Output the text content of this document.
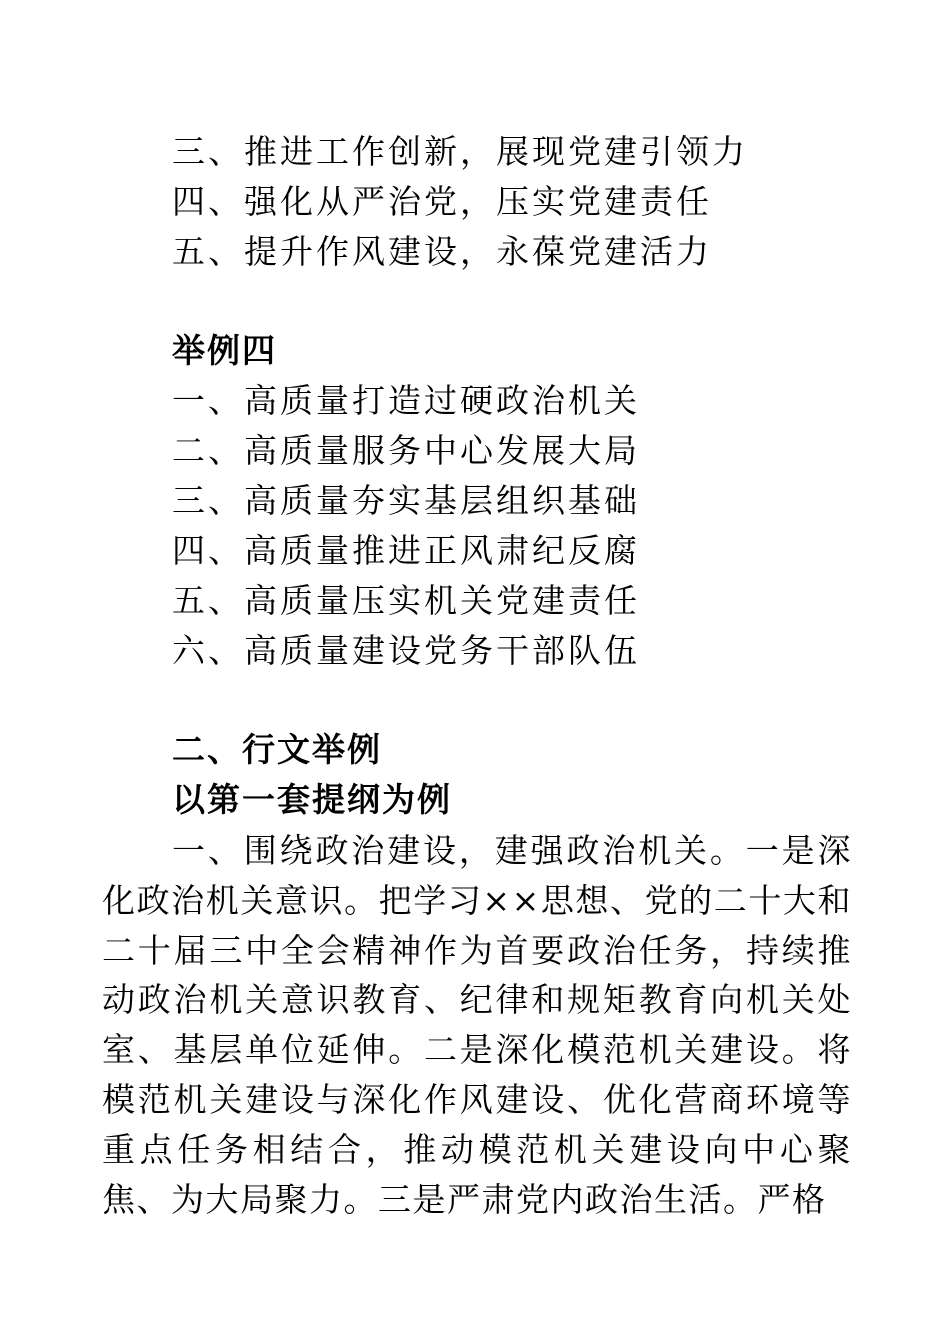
三、推进工作创新，展现党建引领力
四、强化从严治党，压实党建责任
五、提升作风建设，永葆党建活力
举例四
一、高质量打造过硬政治机关
二、高质量服务中心发展大局
三、高质量夯实基层组织基础
四、高质量推进正风肃纪反腐
五、高质量压实机关党建责任
六、高质量建设党务干部队伍
二、行文举例
以第一套提纲为例
一、围绕政治建设，建强政治机关。一是深化政治机关意识。把学习××思想、党的二十大和二十届三中全会精神作为首要政治任务，持续推动政治机关意识教育、纪律和规矩教育向机关处室、基层单位延伸。二是深化模范机关建设。将模范机关建设与深化作风建设、优化营商环境等重点任务相结合，推动模范机关建设向中心聚焦、为大局聚力。三是严肃党内政治生活。严格
